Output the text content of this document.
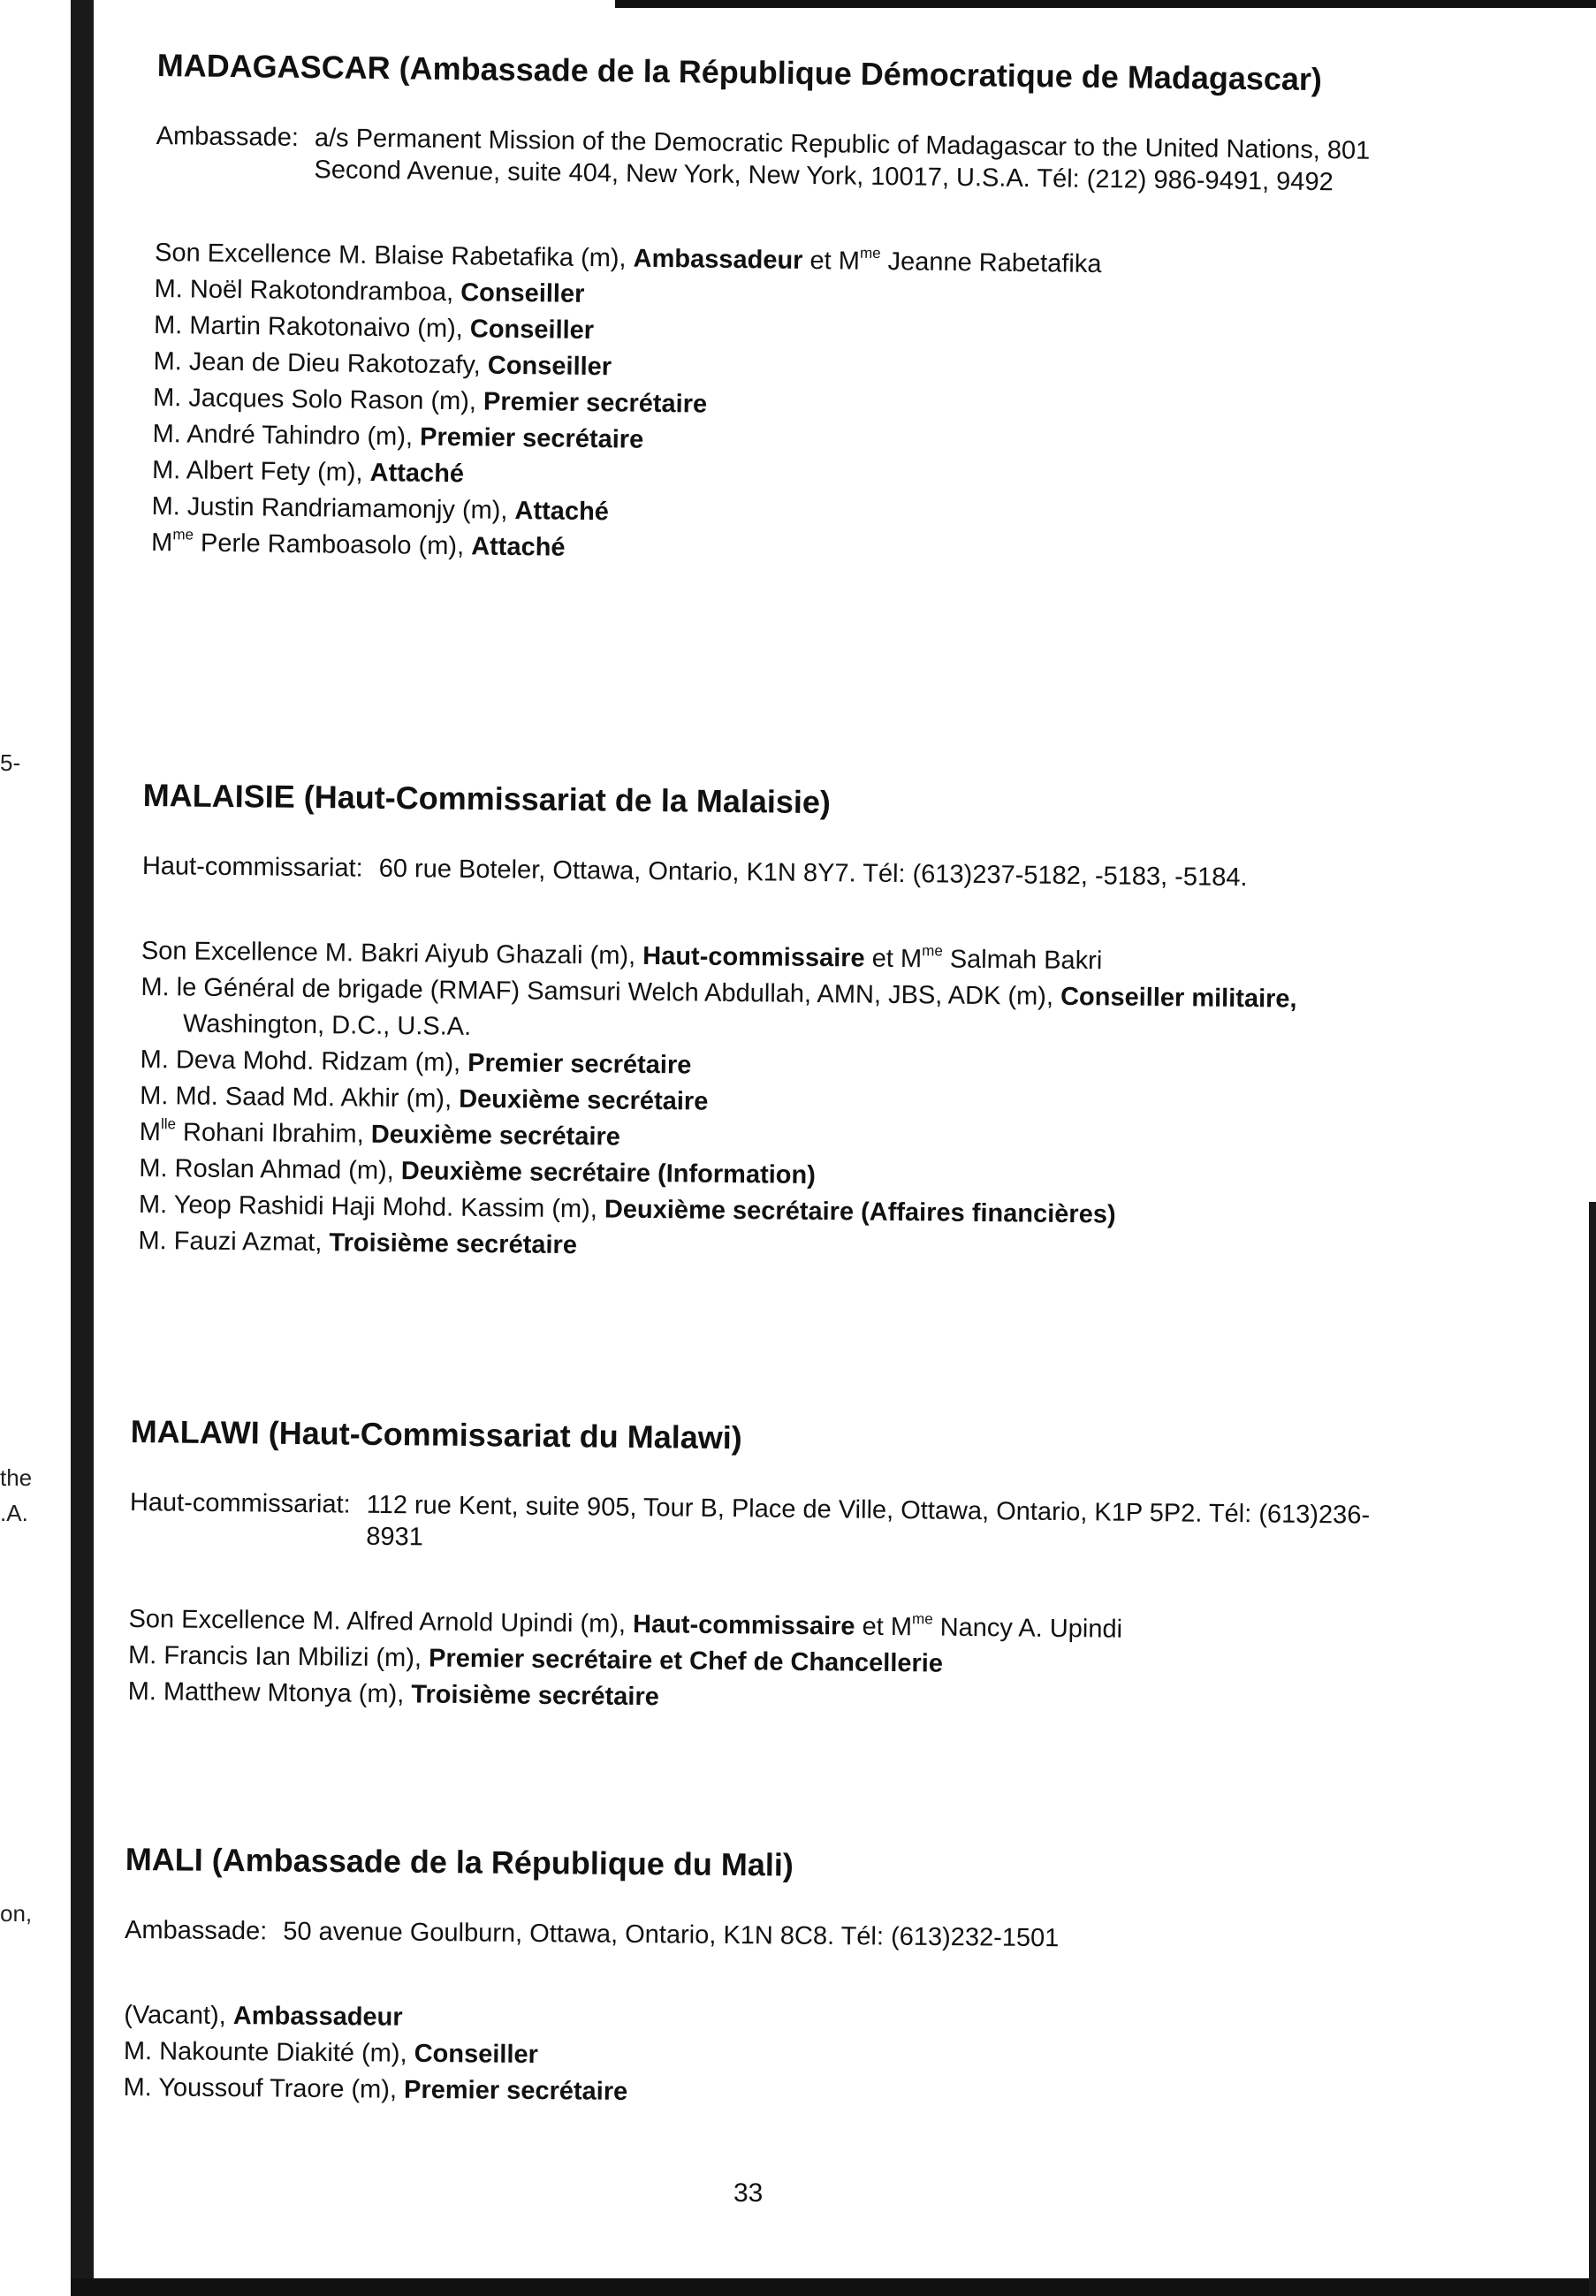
5-

the

.A.

on,

MADAGASCAR (Ambassade de la République Démocratique de Madagascar)
Ambassade: a/s Permanent Mission of the Democratic Republic of Madagascar to the United Nations, 801 Second Avenue, suite 404, New York, New York, 10017, U.S.A. Tél: (212) 986-9491, 9492
Son Excellence M. Blaise Rabetafika (m), Ambassadeur et $M^{me}$ Jeanne Rabetafika
M. Noël Rakotondramboa, Conseiller
M. Martin Rakotonaivo (m), Conseiller
M. Jean de Dieu Rakotozafy, Conseiller
M. Jacques Solo Rason (m), Premier secrétaire
M. André Tahindro (m), Premier secrétaire
M. Albert Fety (m), Attaché
M. Justin Randriamamonjy (m), Attaché
$M^{me}$ Perle Ramboasolo (m), Attaché
MALAISIE (Haut-Commissariat de la Malaisie)
Haut-commissariat: 60 rue Boteler, Ottawa, Ontario, K1N 8Y7. Tél: (613)237-5182, -5183, -5184.
Son Excellence M. Bakri Aiyub Ghazali (m), Haut-commissaire et $M^{me}$ Salmah Bakri
M. le Général de brigade (RMAF) Samsuri Welch Abdullah, AMN, JBS, ADK (m), Conseiller militaire, Washington, D.C., U.S.A.
M. Deva Mohd. Ridzam (m), Premier secrétaire
M. Md. Saad Md. Akhir (m), Deuxième secrétaire
$M^{lle}$ Rohani Ibrahim, Deuxième secrétaire
M. Roslan Ahmad (m), Deuxième secrétaire (Information)
M. Yeop Rashidi Haji Mohd. Kassim (m), Deuxième secrétaire (Affaires financières)
M. Fauzi Azmat, Troisième secrétaire
MALAWI (Haut-Commissariat du Malawi)
Haut-commissariat: 112 rue Kent, suite 905, Tour B, Place de Ville, Ottawa, Ontario, K1P 5P2. Tél: (613)236-8931
Son Excellence M. Alfred Arnold Upindi (m), Haut-commissaire et $M^{me}$ Nancy A. Upindi
M. Francis Ian Mbilizi (m), Premier secrétaire et Chef de Chancellerie
M. Matthew Mtonya (m), Troisième secrétaire
MALI (Ambassade de la République du Mali)
Ambassade: 50 avenue Goulburn, Ottawa, Ontario, K1N 8C8. Tél: (613)232-1501
(Vacant), Ambassadeur
M. Nakounte Diakité (m), Conseiller
M. Youssouf Traore (m), Premier secrétaire

33
